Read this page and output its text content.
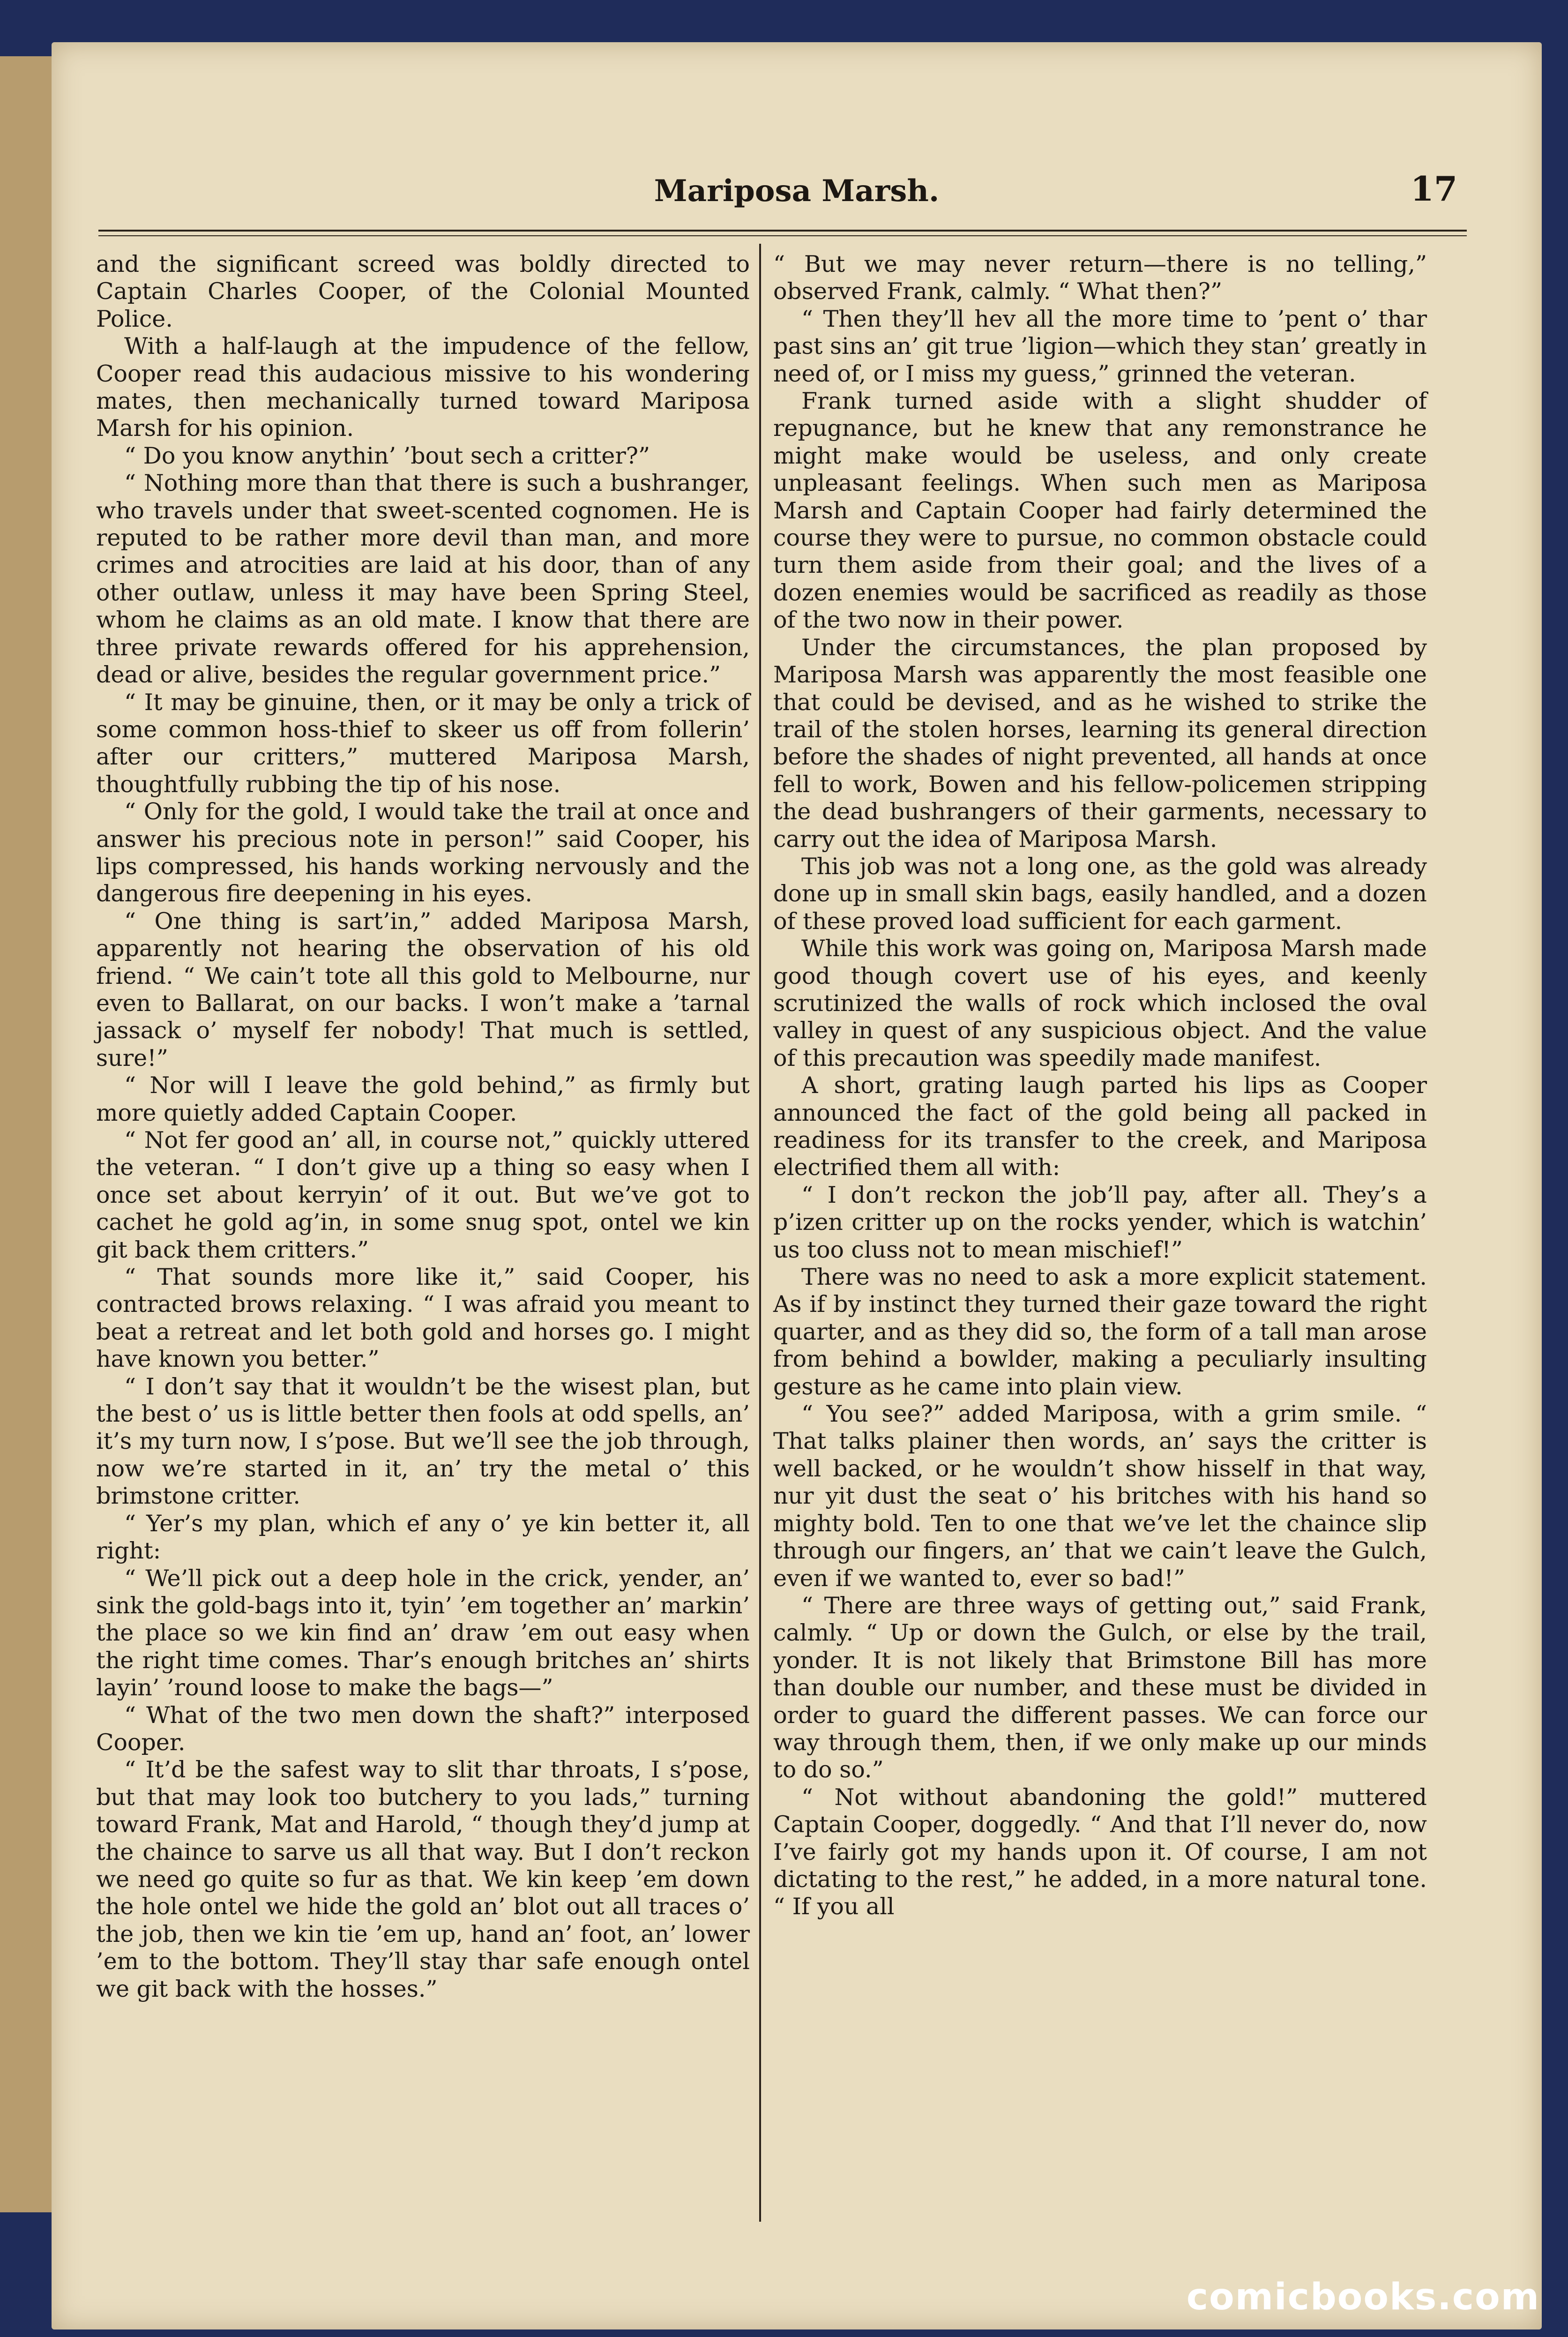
Mariposa Marsh.	17

and the significant screed was boldly directed to Captain Charles Cooper, of the Colonial Mounted Police.

With a half-laugh at the impudence of the fellow, Cooper read this audacious missive to his wondering mates, then mechanically turned toward Mariposa Marsh for his opinion.

“ Do you know anythin’ ’bout sech a critter?”

“ Nothing more than that there is such a bushranger, who travels under that sweet-scented cognomen. He is reputed to be rather more devil than man, and more crimes and atrocities are laid at his door, than of any other outlaw, unless it may have been Spring Steel, whom he claims as an old mate. I know that there are three private rewards offered for his apprehension, dead or alive, besides the regular government price.”

“ It may be ginuine, then, or it may be only a trick of some common hoss-thief to skeer us off from follerin’ after our critters,” muttered Mariposa Marsh, thoughtfully rubbing the tip of his nose.

“ Only for the gold, I would take the trail at once and answer his precious note in person!” said Cooper, his lips compressed, his hands working nervously and the dangerous fire deepening in his eyes.

“ One thing is sart’in,” added Mariposa Marsh, apparently not hearing the observation of his old friend. “ We cain’t tote all this gold to Melbourne, nur even to Ballarat, on our backs. I won’t make a ’tarnal jassack o’ myself fer nobody! That much is settled, sure!”

“ Nor will I leave the gold behind,” as firmly but more quietly added Captain Cooper.

“ Not fer good an’ all, in course not,” quickly uttered the veteran. “ I don’t give up a thing so easy when I once set about kerryin’ of it out. But we’ve got to cachet he gold ag’in, in some snug spot, ontel we kin git back them critters.”

“ That sounds more like it,” said Cooper, his contracted brows relaxing. “ I was afraid you meant to beat a retreat and let both gold and horses go. I might have known you better.”

“ I don’t say that it wouldn’t be the wisest plan, but the best o’ us is little better then fools at odd spells, an’ it’s my turn now, I s’pose. But we’ll see the job through, now we’re started in it, an’ try the metal o’ this brimstone critter.

“ Yer’s my plan, which ef any o’ ye kin better it, all right:

“ We’ll pick out a deep hole in the crick, yender, an’ sink the gold-bags into it, tyin’ ’em together an’ markin’ the place so we kin find an’ draw ’em out easy when the right time comes. Thar’s enough britches an’ shirts layin’ ’round loose to make the bags—”

“ What of the two men down the shaft?” interposed Cooper.

“ It’d be the safest way to slit thar throats, I s’pose, but that may look too butchery to you lads,” turning toward Frank, Mat and Harold, “ though they’d jump at the chaince to sarve us all that way. But I don’t reckon we need go quite so fur as that. We kin keep ’em down the hole ontel we hide the gold an’ blot out all traces o’ the job, then we kin tie ’em up, hand an’ foot, an’ lower ’em to the bottom. They’ll stay thar safe enough ontel we git back with the hosses.”

“ But we may never return—there is no telling,” observed Frank, calmly. “ What then?”

“ Then they’ll hev all the more time to ’pent o’ thar past sins an’ git true ’ligion—which they stan’ greatly in need of, or I miss my guess,” grinned the veteran.

Frank turned aside with a slight shudder of repugnance, but he knew that any remonstrance he might make would be useless, and only create unpleasant feelings. When such men as Mariposa Marsh and Captain Cooper had fairly determined the course they were to pursue, no common obstacle could turn them aside from their goal; and the lives of a dozen enemies would be sacrificed as readily as those of the two now in their power.

Under the circumstances, the plan proposed by Mariposa Marsh was apparently the most feasible one that could be devised, and as he wished to strike the trail of the stolen horses, learning its general direction before the shades of night prevented, all hands at once fell to work, Bowen and his fellow-policemen stripping the dead bushrangers of their garments, necessary to carry out the idea of Mariposa Marsh.

This job was not a long one, as the gold was already done up in small skin bags, easily handled, and a dozen of these proved load sufficient for each garment.

While this work was going on, Mariposa Marsh made good though covert use of his eyes, and keenly scrutinized the walls of rock which inclosed the oval valley in quest of any suspicious object. And the value of this precaution was speedily made manifest.

A short, grating laugh parted his lips as Cooper announced the fact of the gold being all packed in readiness for its transfer to the creek, and Mariposa electrified them all with:

“ I don’t reckon the job’ll pay, after all. They’s a p’izen critter up on the rocks yender, which is watchin’ us too cluss not to mean mischief!”

There was no need to ask a more explicit statement. As if by instinct they turned their gaze toward the right quarter, and as they did so, the form of a tall man arose from behind a bowlder, making a peculiarly insulting gesture as he came into plain view.

“ You see?” added Mariposa, with a grim smile. “ That talks plainer then words, an’ says the critter is well backed, or he wouldn’t show hisself in that way, nur yit dust the seat o’ his britches with his hand so mighty bold. Ten to one that we’ve let the chaince slip through our fingers, an’ that we cain’t leave the Gulch, even if we wanted to, ever so bad!”

“ There are three ways of getting out,” said Frank, calmly. “ Up or down the Gulch, or else by the trail, yonder. It is not likely that Brimstone Bill has more than double our number, and these must be divided in order to guard the different passes. We can force our way through them, then, if we only make up our minds to do so.”

“ Not without abandoning the gold!” muttered Captain Cooper, doggedly. “ And that I’ll never do, now I’ve fairly got my hands upon it. Of course, I am not dictating to the rest,” he added, in a more natural tone. “ If you all

comicbooks.com
